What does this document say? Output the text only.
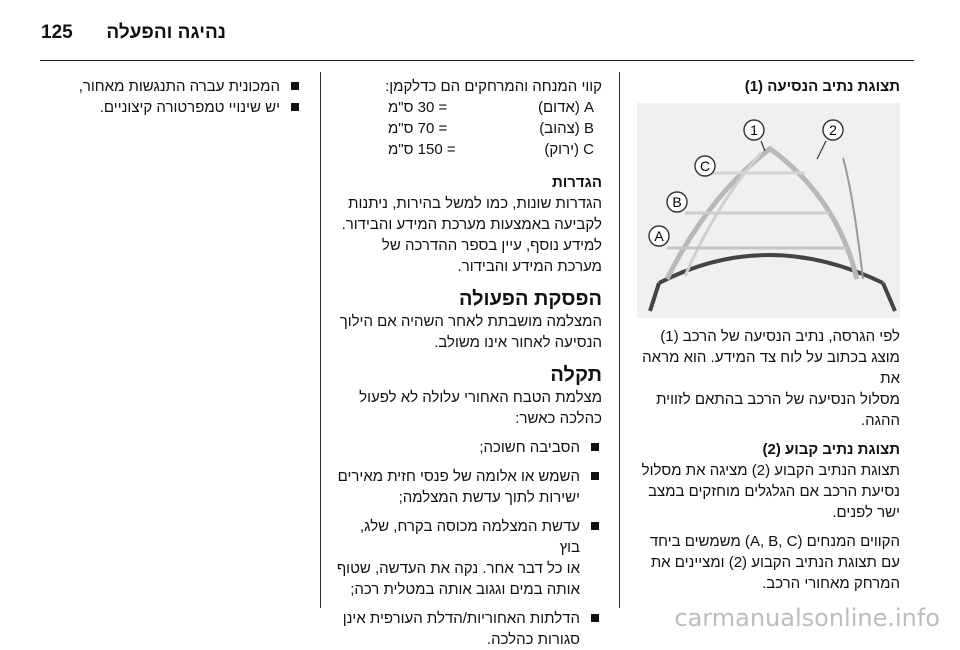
נהיגה והפעלה
125

תצוגת נתיב הנסיעה (1)

1	2
C
B
A

לפי הגרסה, נתיב הנסיעה של הרכב (1)

מוצג בכתוב על לוח צד המידע. הוא מראה את

מסלול הנסיעה של הרכב בהתאם לזווית

ההגה.

תצוגת נתיב קבוע (2)

תצוגת הנתיב הקבוע (2) מציגה את מסלול

נסיעת הרכב אם הגלגלים מוחזקים במצב

ישר לפנים.

הקווים המנחים (A, B, C) משמשים ביחד

עם תצוגת הנתיב הקבוע (2) ומציינים את

המרחק מאחורי הרכב.

קווי המנחה והמרחקים הם כדלקמן:

A (אדום)
= 30 ס"מ
B (צהוב)
= 70 ס"מ
C (ירוק)
= 150 ס"מ

הגדרות

הגדרות שונות, כמו למשל בהירות, ניתנות

לקביעה באמצעות מערכת המידע והבידור.

למידע נוסף, עיין בספר ההדרכה של

מערכת המידע והבידור.

הפסקת הפעולה

המצלמה מושבתת לאחר השהיה אם הילוך

הנסיעה לאחור אינו משולב.

תקלה

מצלמת הטבח האחורי עלולה לא לפעול

כהלכה כאשר:

הסביבה חשוכה;

השמש או אלומה של פנסי חזית מאירים

ישירות לתוך עדשת המצלמה;

עדשת המצלמה מכוסה בקרח, שלג, בוץ

או כל דבר אחר. נקה את העדשה, שטוף

אותה במים וגגוב אותה במטלית רכה;

הדלתות האחוריות/הדלת העורפית אינן

סגורות כהלכה.

המכונית עברה התנגשות מאחור,

יש שינויי טמפרטורה קיצוניים.

carmanualsonline.info
